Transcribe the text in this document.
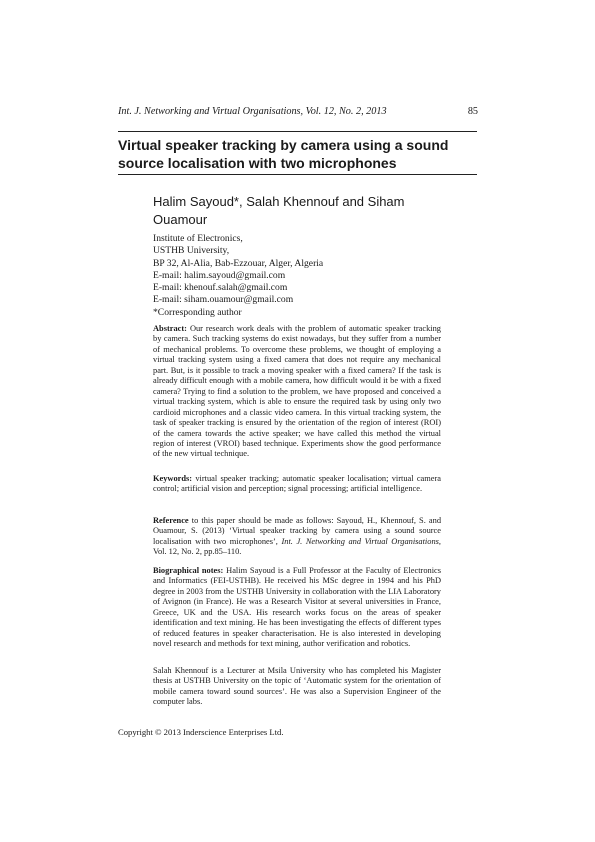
Int. J. Networking and Virtual Organisations, Vol. 12, No. 2, 2013	85
Virtual speaker tracking by camera using a sound source localisation with two microphones
Halim Sayoud*, Salah Khennouf and Siham Ouamour
Institute of Electronics,
USTHB University,
BP 32, Al-Alia, Bab-Ezzouar, Alger, Algeria
E-mail: halim.sayoud@gmail.com
E-mail: khenouf.salah@gmail.com
E-mail: siham.ouamour@gmail.com
*Corresponding author

Abstract: Our research work deals with the problem of automatic speaker tracking by camera. Such tracking systems do exist nowadays, but they suffer from a number of mechanical problems. To overcome these problems, we thought of employing a virtual tracking system using a fixed camera that does not require any mechanical part. But, is it possible to track a moving speaker with a fixed camera? If the task is already difficult enough with a mobile camera, how difficult would it be with a fixed camera? Trying to find a solution to the problem, we have proposed and conceived a virtual tracking system, which is able to ensure the required task by using only two cardioid microphones and a classic video camera. In this virtual tracking system, the task of speaker tracking is ensured by the orientation of the region of interest (ROI) of the camera towards the active speaker; we have called this method the virtual region of interest (VROI) based technique. Experiments show the good performance of the new virtual technique.

Keywords: virtual speaker tracking; automatic speaker localisation; virtual camera control; artificial vision and perception; signal processing; artificial intelligence.

Reference to this paper should be made as follows: Sayoud, H., Khennouf, S. and Ouamour, S. (2013) ‘Virtual speaker tracking by camera using a sound source localisation with two microphones’, Int. J. Networking and Virtual Organisations, Vol. 12, No. 2, pp.85–110.

Biographical notes: Halim Sayoud is a Full Professor at the Faculty of Electronics and Informatics (FEI-USTHB). He received his MSc degree in 1994 and his PhD degree in 2003 from the USTHB University in collaboration with the LIA Laboratory of Avignon (in France). He was a Research Visitor at several universities in France, Greece, UK and the USA. His research works focus on the areas of speaker identification and text mining. He has been investigating the effects of different types of reduced features in speaker characterisation. He is also interested in developing novel research and methods for text mining, author verification and robotics.

Salah Khennouf is a Lecturer at Msila University who has completed his Magister thesis at USTHB University on the topic of ‘Automatic system for the orientation of mobile camera toward sound sources’. He was also a Supervision Engineer of the computer labs.

Copyright © 2013 Inderscience Enterprises Ltd.
